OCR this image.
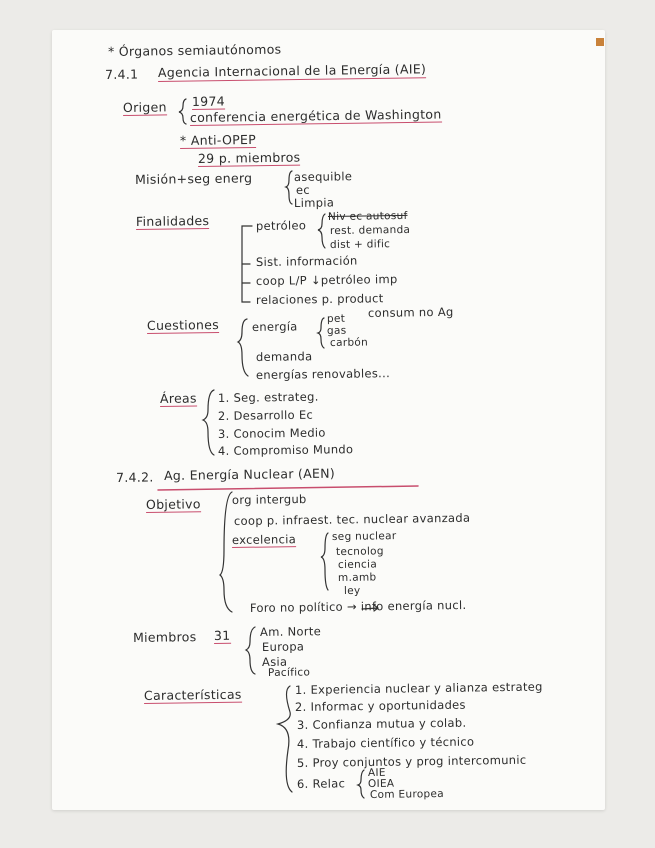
* Órganos semiautónomos
7.4.1 Agencia Internacional de la Energía (AIE)
Origen 1974
conferencia energética de Washington
* Anti-OPEP
29 p. miembros
Misión+seg energ	asequible
ec
Limpia
Finalidades	petróleo
Niv ec autosuf
rest. demanda
dist + dific
Sist. información
coop L/P ↓petróleo imp
relaciones p. product
consum no Ag
Cuestiones	energía
pet
gas
carbón
demanda
energías renovables...
Áreas 1. Seg. estrateg.
2. Desarrollo Ec
3. Conocim Medio
4. Compromiso Mundo
7.4.2. Ag. Energía Nuclear (AEN)
Objetivo	org intergub
coop p. infraest. tec. nuclear avanzada
excelencia	seg nuclear
tecnolog
ciencia
m.amb
ley
Foro no político → info energía nucl.
Miembros 31	Am. Norte
Europa
Asia
Pacífico
Características	1. Experiencia nuclear y alianza estrateg
2. Informac y oportunidades
3. Confianza mutua y colab.
4. Trabajo científico y técnico
5. Proy conjuntos y prog intercomunic
6. Relac
AIE
OIEA
Com Europea
